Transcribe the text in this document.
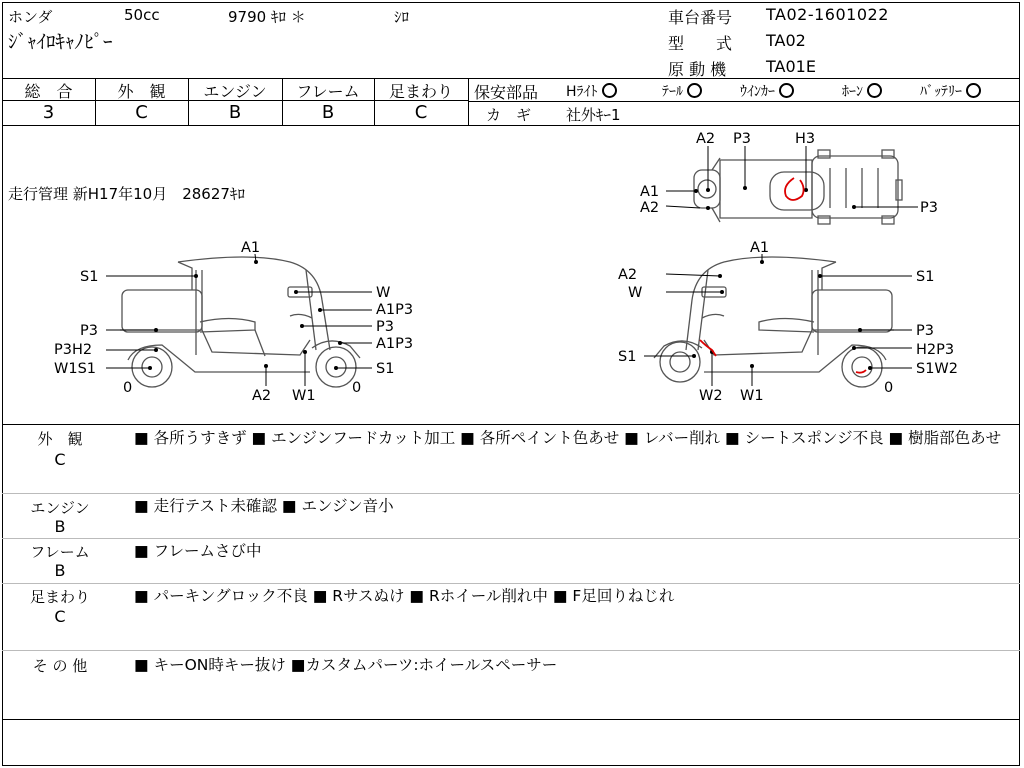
ホンダ	50cc	9790 ｷﾛ ＊	ｼﾛ
ｼﾞｬｲﾛｷｬﾉﾋﾟｰ
車台番号 TA02-1601022
型　　式 TA02
原 動 機 TA01E
総　合	外　観	エンジン	フレーム	足まわり
3	C	B	B	C
保安部品 Hﾗｲﾄ	ﾃｰﾙ	ｳｲﾝｶｰ	ﾎｰﾝ	ﾊﾞｯﾃﾘｰ
カ　ギ 社外ｷｰ1
走行管理 新H17年10月　28627ｷﾛ
A2 P3	H3
A1
A2	P3
A1
S1
W
A1P3
P3
A1P3
P3
P3H2
W1S1	S1
0	0
A2 W1
A1
A2	S1
W
P3
S1	H2P3
S1W2
0
W2 W1
外　観
C
■ 各所うすきず ■ エンジンフードカット加工 ■ 各所ペイント色あせ ■ レバー削れ ■ シートスポンジ不良 ■ 樹脂部色あせ
エンジン
B
■ 走行テスト未確認 ■ エンジン音小
フレーム
B
■ フレームさび中
足まわり
C
■ パーキングロック不良 ■ Rサスぬけ ■ Rホイール削れ中 ■ F足回りねじれ
そ の 他	■ キーON時キー抜け ■カスタムパーツ:ホイールスペーサー
